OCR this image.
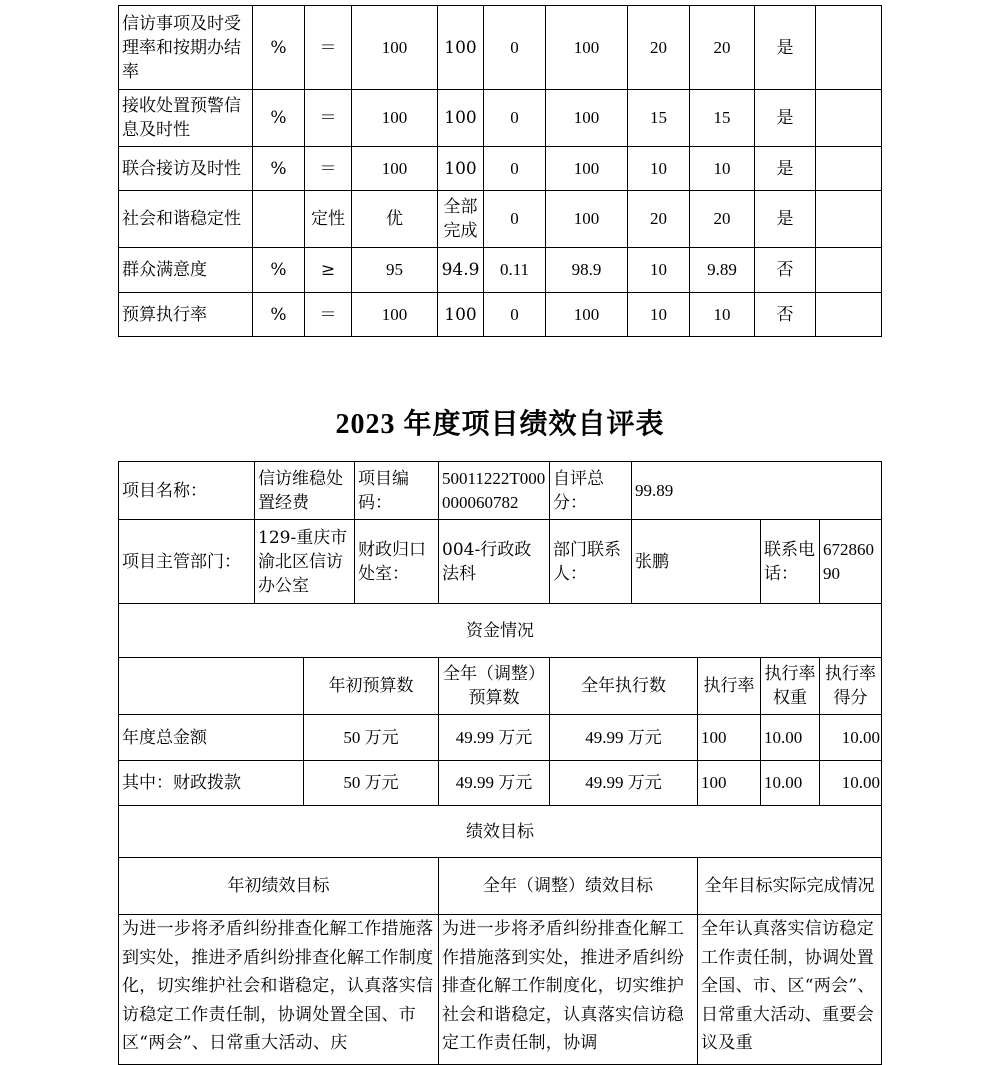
信访事项及时受理率和按期办结率	%	＝	100	100	0	100	20	20	是	
接收处置预警信息及时性	%	＝	100	100	0	100	15	15	是	
联合接访及时性	%	＝	100	100	0	100	10	10	是	
社会和谐稳定性		定性	优	全部完成	0	100	20	20	是	
群众满意度	%	≥	95	94.9	0.11	98.9	10	9.89	否	
预算执行率	%	＝	100	100	0	100	10	10	否	
2023 年度项目绩效自评表
项目名称：	信访维稳处置经费		项目编码：	50011222T000000060782	自评总分：	99.89			
项目主管部门：	129-重庆市渝北区信访办公室		财政归口处室：	004-行政政法科	部门联系人：	张鹏		联系电话：	67286090
资金情况									
		年初预算数		全年（调整）预算数	全年执行数		执行率	执行率权重	执行率得分
年度总金额		50 万元		49.99 万元	49.99 万元		100	10.00	10.00
其中：财政拨款		50 万元		49.99 万元	49.99 万元		100	10.00	10.00
绩效目标									
年初绩效目标				全年（调整）绩效目标			全年目标实际完成情况		
为进一步将矛盾纠纷排查化解工作措施落到实处，推进矛盾纠纷排查化解工作制度化，切实维护社会和谐稳定，认真落实信访稳定工作责任制，协调处置全国、市区“两会”、日常重大活动、庆				为进一步将矛盾纠纷排查化解工作措施落到实处，推进矛盾纠纷排查化解工作制度化，切实维护社会和谐稳定，认真落实信访稳定工作责任制，协调			全年认真落实信访稳定工作责任制，协调处置全国、市、区“两会”、日常重大活动、重要会议及重		
